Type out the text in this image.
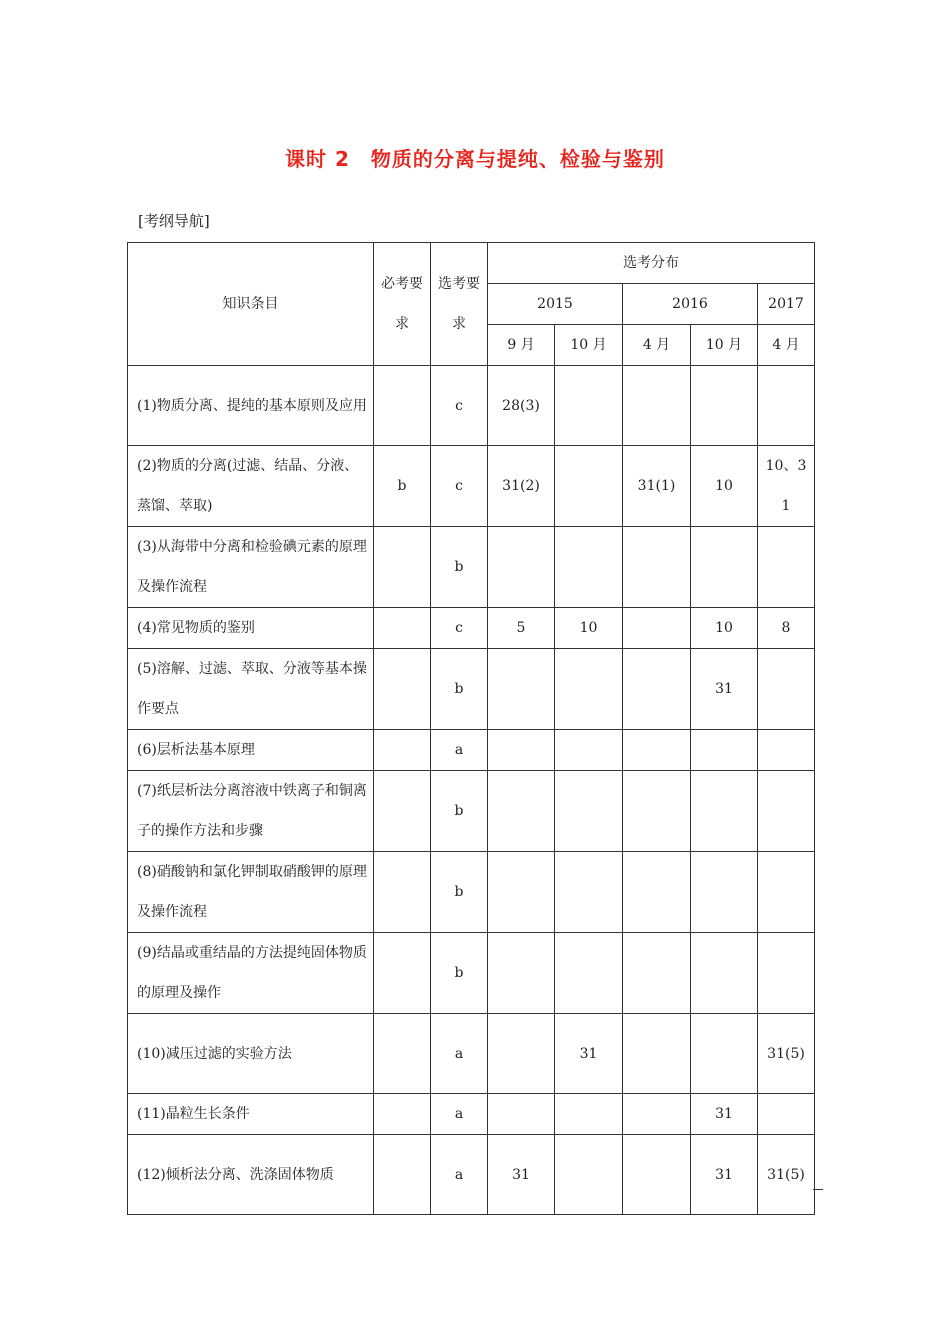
课时 2　物质的分离与提纯、检验与鉴别
[考纲导航]
知识条目	必考要求	选考要求	选考分布				
			2015		2016		2017
			9 月	10 月	4 月	10 月	4 月
(1)物质分离、提纯的基本原则及应用		c	28(3)				
(2)物质的分离(过滤、结晶、分液、蒸馏、萃取)	b	c	31(2)		31(1)	10	10、31
(3)从海带中分离和检验碘元素的原理及操作流程		b					
(4)常见物质的鉴别		c	5	10		10	8
(5)溶解、过滤、萃取、分液等基本操作要点		b				31	
(6)层析法基本原理		a					
(7)纸层析法分离溶液中铁离子和铜离子的操作方法和步骤		b					
(8)硝酸钠和氯化钾制取硝酸钾的原理及操作流程		b					
(9)结晶或重结晶的方法提纯固体物质的原理及操作		b					
(10)减压过滤的实验方法		a		31			31(5)
(11)晶粒生长条件		a				31	
(12)倾析法分离、洗涤固体物质		a	31			31	31(5)
